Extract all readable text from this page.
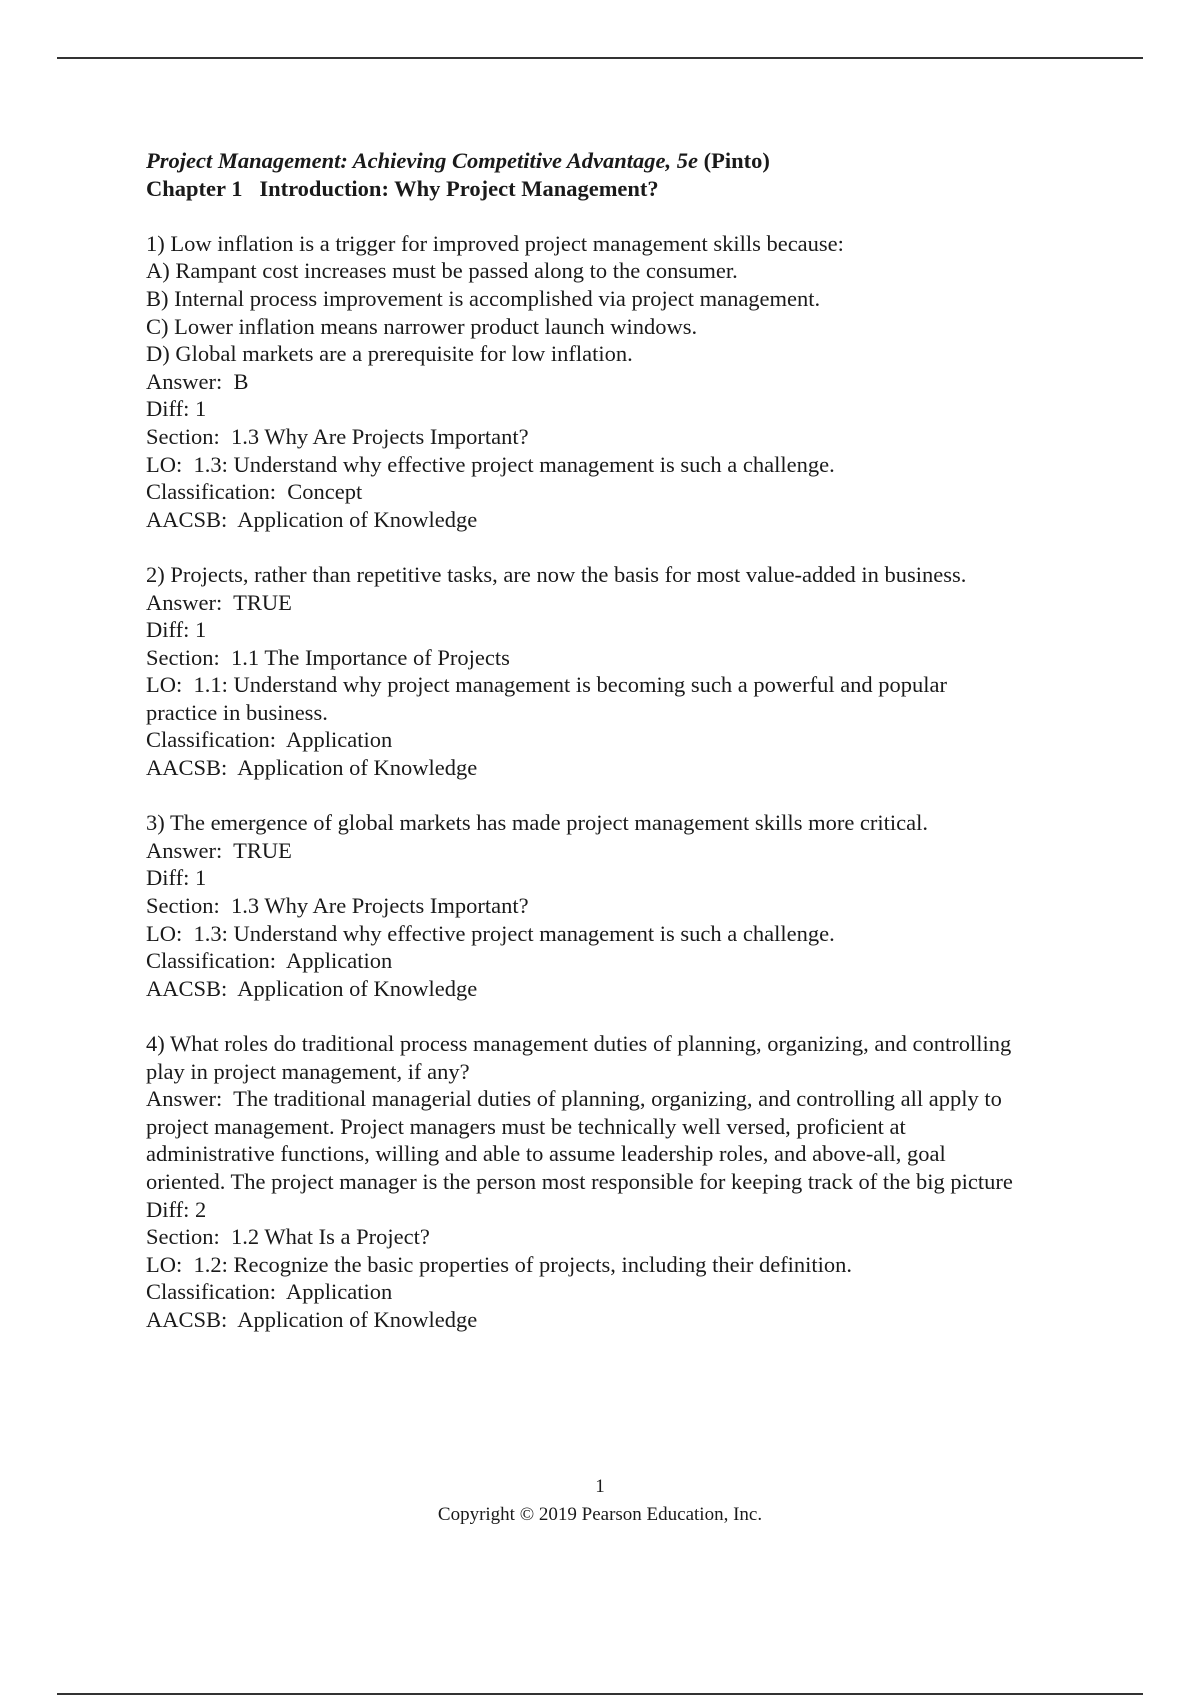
Project Management: Achieving Competitive Advantage, 5e (Pinto)
Chapter 1   Introduction: Why Project Management?
1) Low inflation is a trigger for improved project management skills because:
A) Rampant cost increases must be passed along to the consumer.
B) Internal process improvement is accomplished via project management.
C) Lower inflation means narrower product launch windows.
D) Global markets are a prerequisite for low inflation.
Answer:  B
Diff: 1
Section:  1.3 Why Are Projects Important?
LO:  1.3: Understand why effective project management is such a challenge.
Classification:  Concept
AACSB:  Application of Knowledge
2) Projects, rather than repetitive tasks, are now the basis for most value-added in business.
Answer:  TRUE
Diff: 1
Section:  1.1 The Importance of Projects
LO:  1.1: Understand why project management is becoming such a powerful and popular
practice in business.
Classification:  Application
AACSB:  Application of Knowledge
3) The emergence of global markets has made project management skills more critical.
Answer:  TRUE
Diff: 1
Section:  1.3 Why Are Projects Important?
LO:  1.3: Understand why effective project management is such a challenge.
Classification:  Application
AACSB:  Application of Knowledge
4) What roles do traditional process management duties of planning, organizing, and controlling
play in project management, if any?
Answer:  The traditional managerial duties of planning, organizing, and controlling all apply to
project management. Project managers must be technically well versed, proficient at
administrative functions, willing and able to assume leadership roles, and above-all, goal
oriented. The project manager is the person most responsible for keeping track of the big picture
Diff: 2
Section:  1.2 What Is a Project?
LO:  1.2: Recognize the basic properties of projects, including their definition.
Classification:  Application
AACSB:  Application of Knowledge
1
Copyright © 2019 Pearson Education, Inc.
